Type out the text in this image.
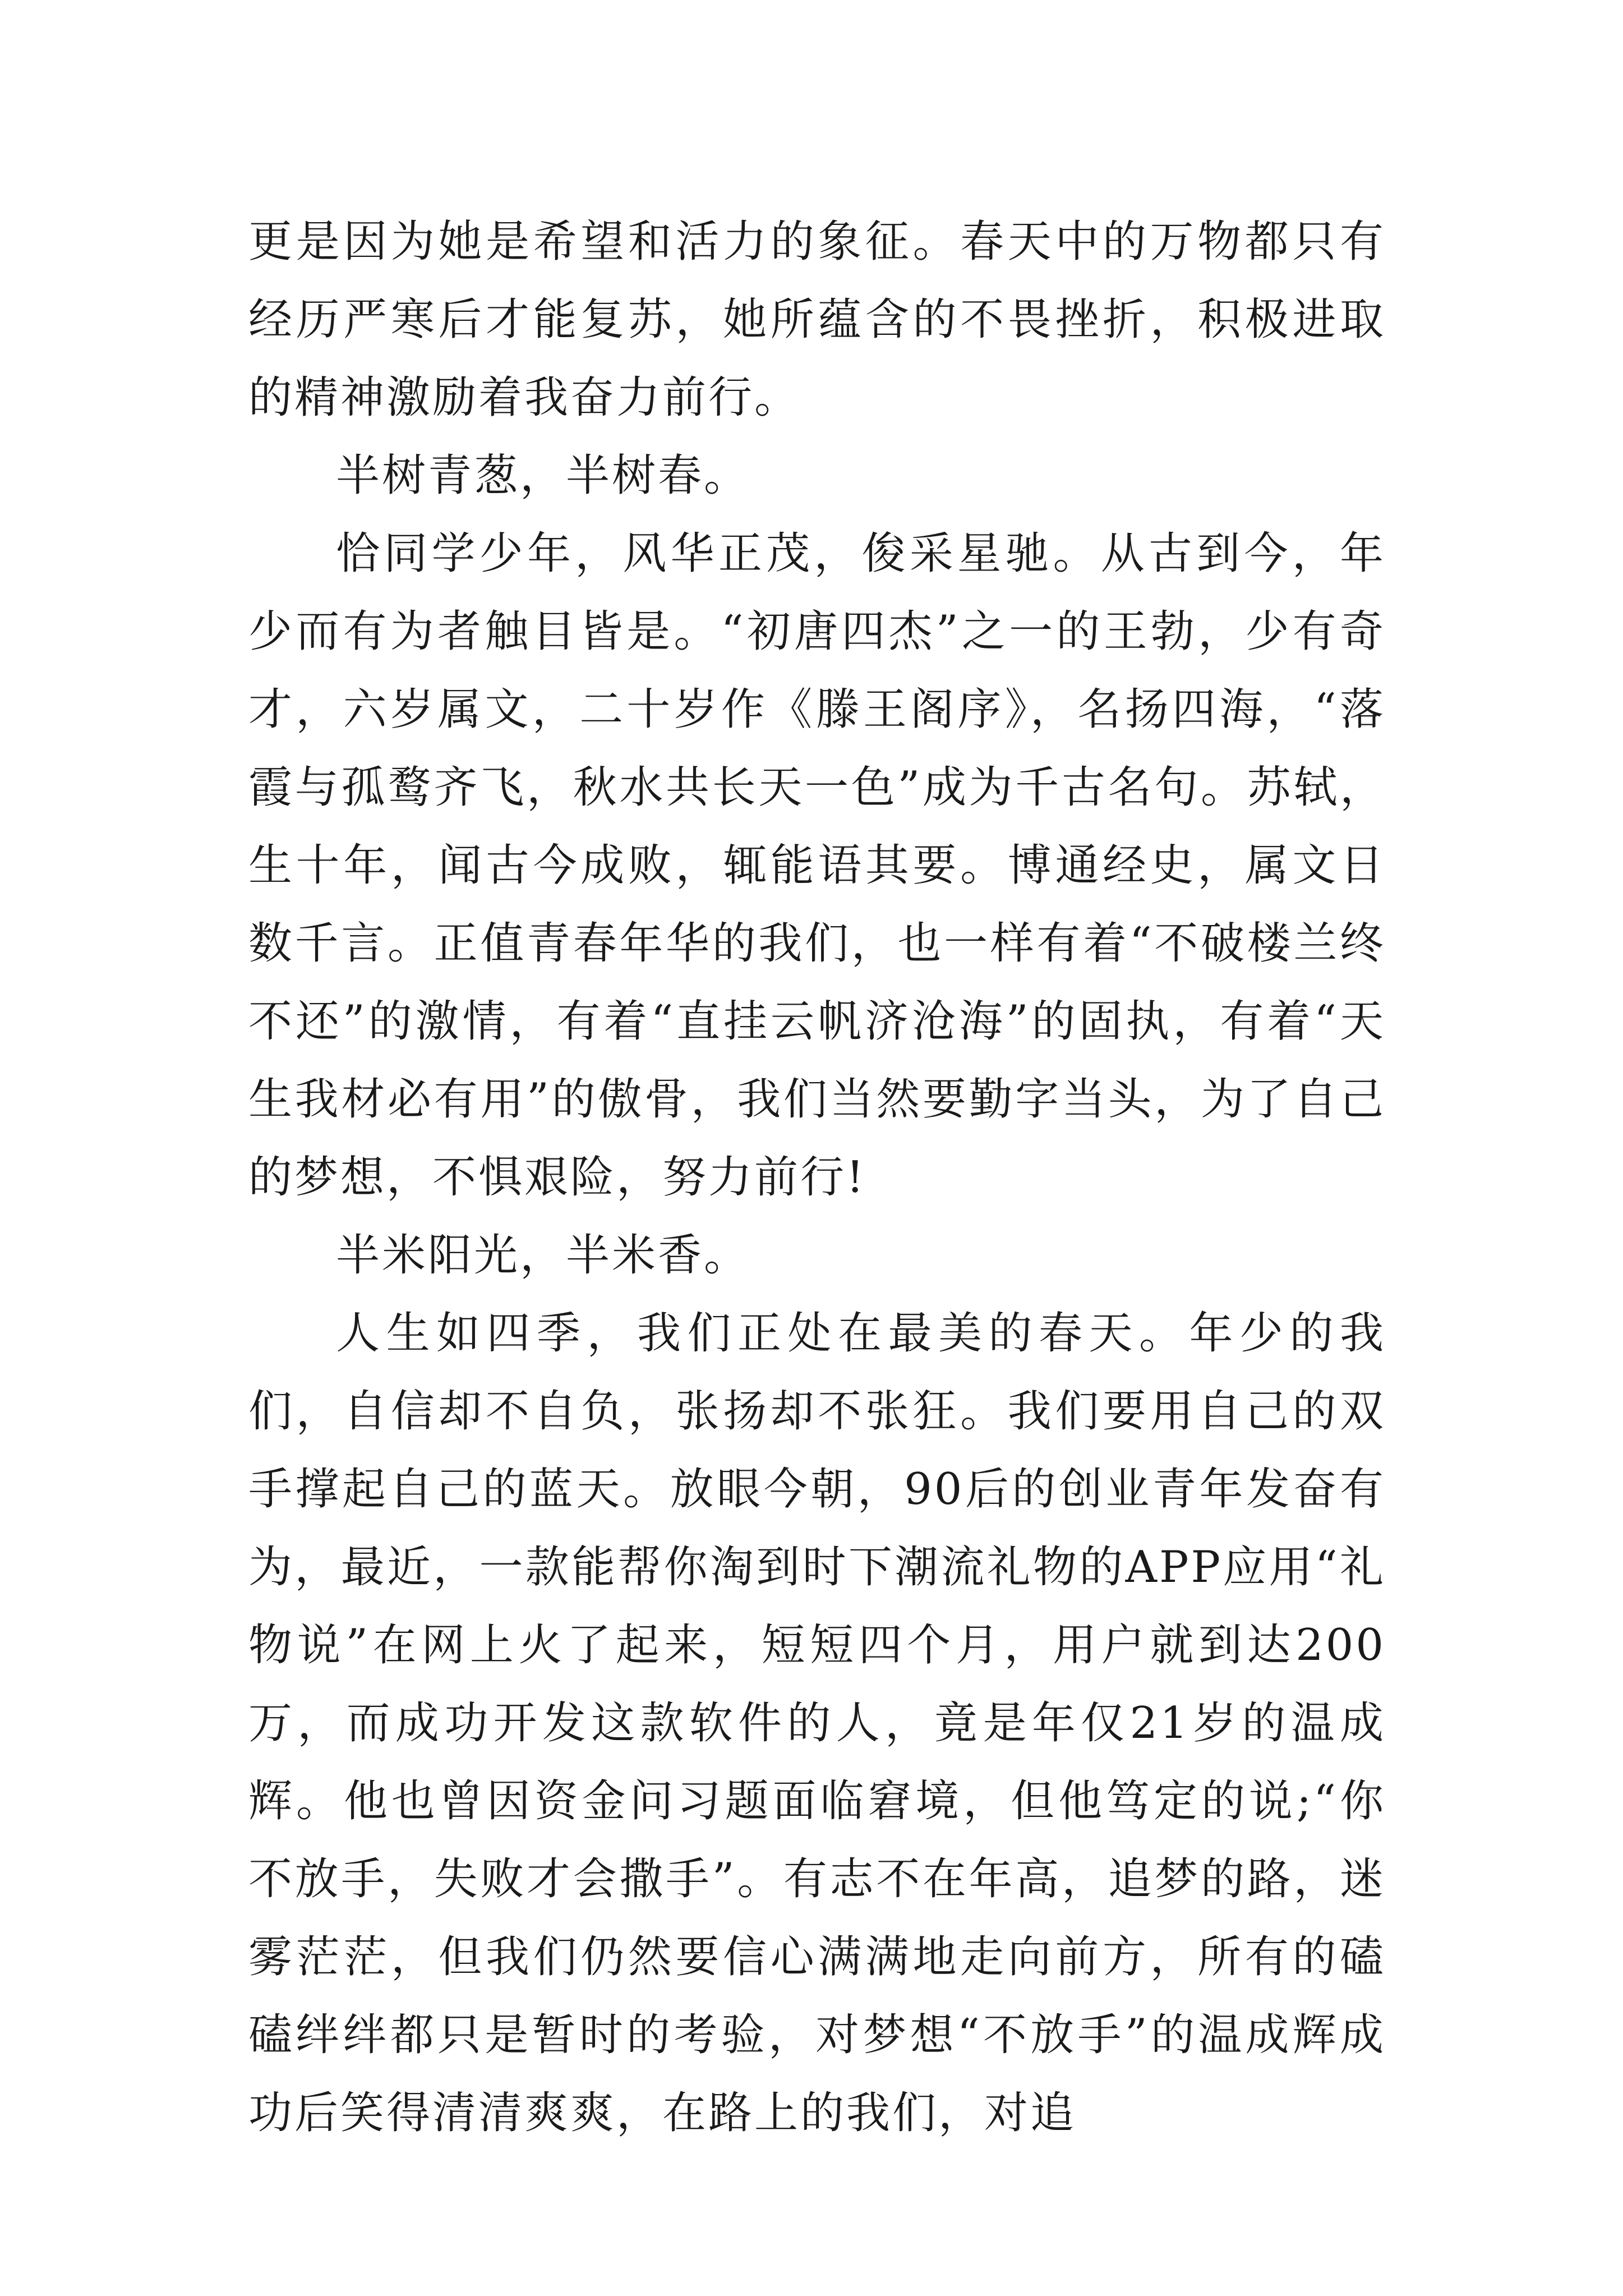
更是因为她是希望和活力的象征。春天中的万物都只有经历严寒后才能复苏，她所蕴含的不畏挫折，积极进取的精神激励着我奋力前行。

半树青葱，半树春。

恰同学少年，风华正茂，俊采星驰。从古到今，年少而有为者触目皆是。“初唐四杰”之一的王勃，少有奇才，六岁属文，二十岁作《滕王阁序》，名扬四海，“落霞与孤鹜齐飞，秋水共长天一色”成为千古名句。苏轼，生十年，闻古今成败，辄能语其要。博通经史，属文日数千言。正值青春年华的我们，也一样有着“不破楼兰终不还”的激情，有着“直挂云帆济沧海”的固执，有着“天生我材必有用”的傲骨，我们当然要勤字当头，为了自己的梦想，不惧艰险，努力前行!

半米阳光，半米香。

人生如四季，我们正处在最美的春天。年少的我们，自信却不自负，张扬却不张狂。我们要用自己的双手撑起自己的蓝天。放眼今朝，90后的创业青年发奋有为，最近，一款能帮你淘到时下潮流礼物的APP应用“礼物说”在网上火了起来，短短四个月，用户就到达200万，而成功开发这款软件的人，竟是年仅21岁的温成辉。他也曾因资金问习题面临窘境，但他笃定的说;“你不放手，失败才会撒手”。有志不在年高，追梦的路，迷雾茫茫，但我们仍然要信心满满地走向前方，所有的磕磕绊绊都只是暂时的考验，对梦想“不放手”的温成辉成功后笑得清清爽爽，在路上的我们，对追
